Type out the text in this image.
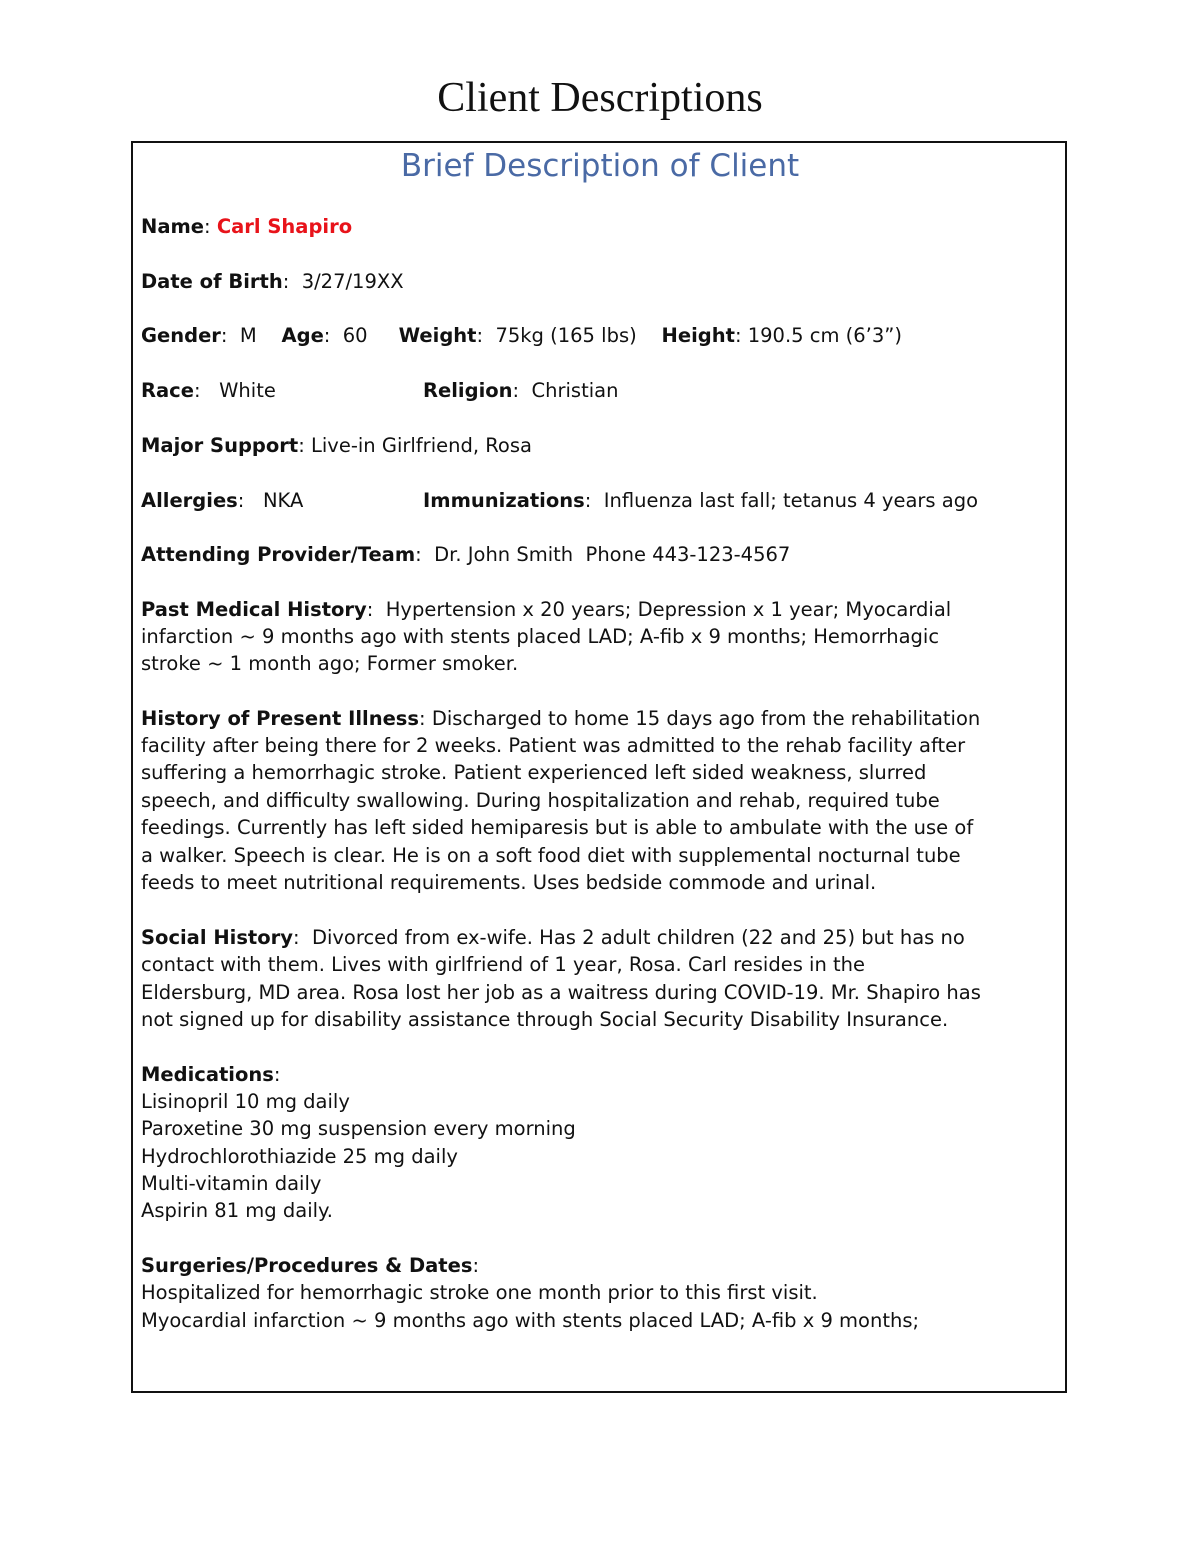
Client Descriptions
Brief Description of Client
Name: Carl Shapiro
Date of Birth:  3/27/19XX
Gender:  M Age:  60 Weight:  75kg (165 lbs) Height: 190.5 cm (6’3”)
Race:   White	Religion:  Christian
Major Support: Live-in Girlfriend, Rosa
Allergies:   NKA	Immunizations:  Influenza last fall; tetanus 4 years ago
Attending Provider/Team:  Dr. John Smith  Phone 443-123-4567
Past Medical History:  Hypertension x 20 years; Depression x 1 year; Myocardial
infarction ~ 9 months ago with stents placed LAD; A-fib x 9 months; Hemorrhagic
stroke ~ 1 month ago; Former smoker.
History of Present Illness: Discharged to home 15 days ago from the rehabilitation
facility after being there for 2 weeks. Patient was admitted to the rehab facility after
suffering a hemorrhagic stroke. Patient experienced left sided weakness, slurred
speech, and difficulty swallowing. During hospitalization and rehab, required tube
feedings. Currently has left sided hemiparesis but is able to ambulate with the use of
a walker. Speech is clear. He is on a soft food diet with supplemental nocturnal tube
feeds to meet nutritional requirements. Uses bedside commode and urinal.
Social History:  Divorced from ex-wife. Has 2 adult children (22 and 25) but has no
contact with them. Lives with girlfriend of 1 year, Rosa. Carl resides in the
Eldersburg, MD area. Rosa lost her job as a waitress during COVID-19. Mr. Shapiro has
not signed up for disability assistance through Social Security Disability Insurance.
Medications:
Lisinopril 10 mg daily
Paroxetine 30 mg suspension every morning
Hydrochlorothiazide 25 mg daily
Multi-vitamin daily
Aspirin 81 mg daily.
Surgeries/Procedures & Dates:
Hospitalized for hemorrhagic stroke one month prior to this first visit.
Myocardial infarction ~ 9 months ago with stents placed LAD; A-fib x 9 months;
